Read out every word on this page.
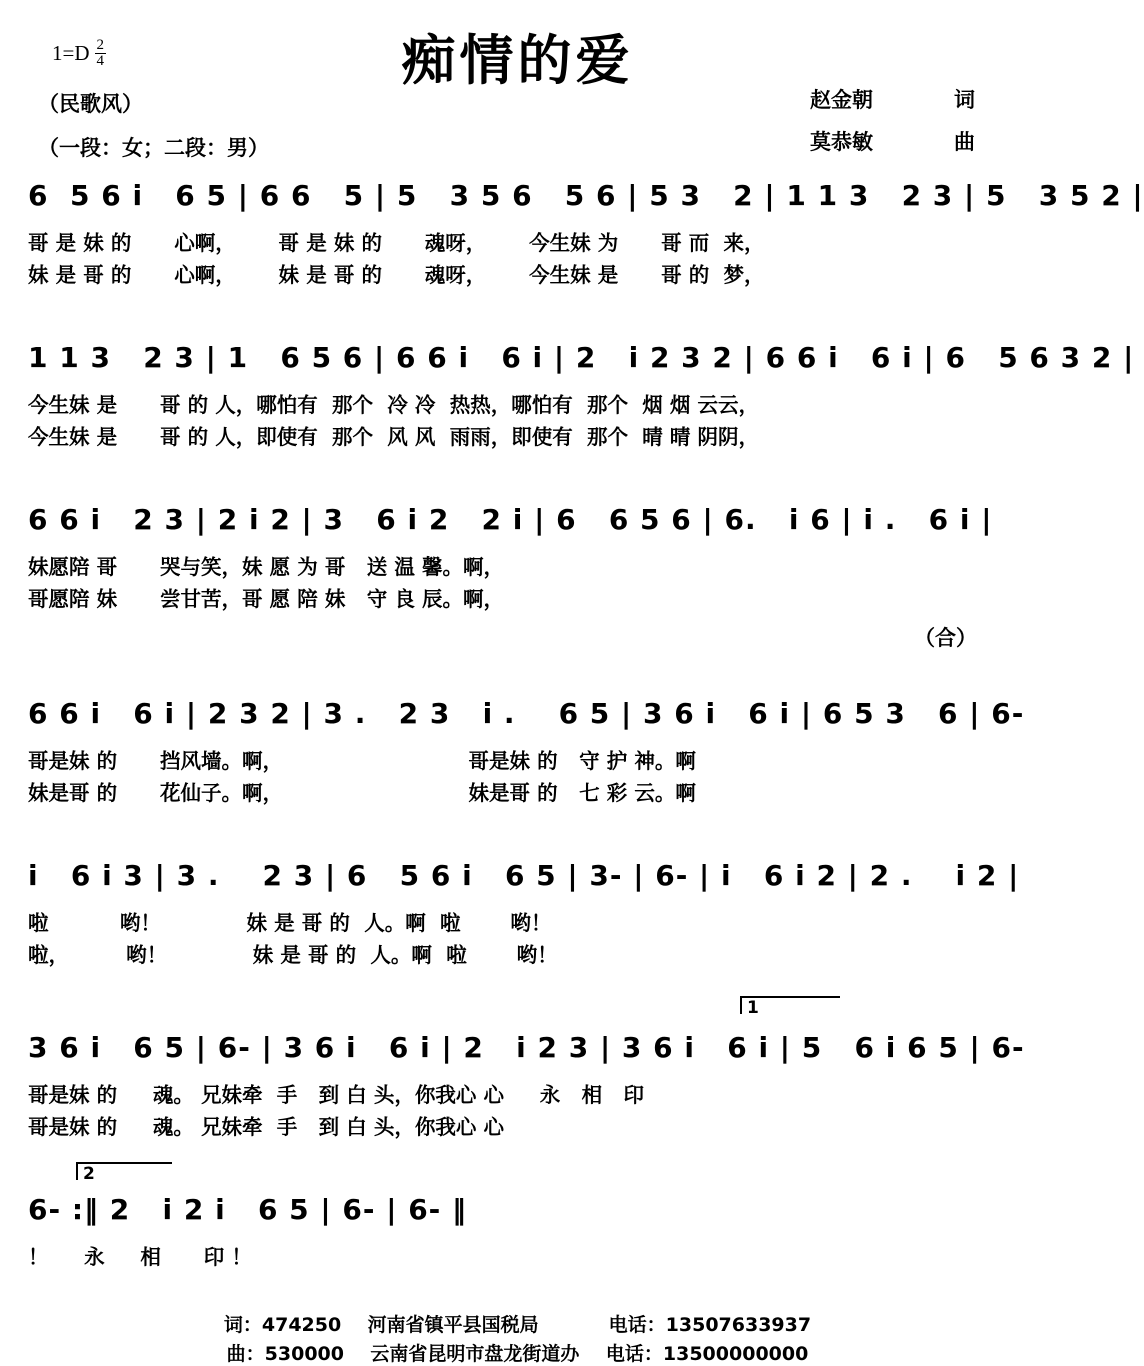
$1=D \frac{2}{4}$	痴情的爱
（民歌风）
（一段：女；二段：男）
赵金朝	词
莫恭敏	曲
6  5 6 i   6 5 | 6 6   5 | 5   3 5 6   5 6 | 5 3   2 | 1 1 3   2 3 | 5   3 5 2 |
哥 是 妹 的      心啊，      哥 是 妹 的      魂呀，      今生妹 为      哥 而  来，
妹 是 哥 的      心啊，      妹 是 哥 的      魂呀，      今生妹 是      哥 的  梦，
1 1 3   2 3 | 1   6 5 6 | 6 6 i   6 i | 2   i 2 3 2 | 6 6 i   6 i | 6   5 6 3 2 |
今生妹 是      哥 的 人，哪怕有  那个  冷 冷  热热，哪怕有  那个  烟 烟 云云，
今生妹 是      哥 的 人，即使有  那个  风 风  雨雨，即使有  那个  晴 晴 阴阴，
6 6 i   2 3 | 2 i 2 | 3   6 i 2   2 i | 6   6 5 6 | 6.   i 6 | i .   6 i |
妹愿陪 哥      哭与笑，妹 愿 为 哥   送 温 馨。啊，
哥愿陪 妹      尝甘苦，哥 愿 陪 妹   守 良 辰。啊，
（合）
6 6 i   6 i | 2 3 2 | 3 .   2 3   i .    6 5 | 3 6 i   6 i | 6 5 3   6 | 6-
哥是妹 的      挡风墙。啊，                          哥是妹 的   守 护 神。啊
妹是哥 的      花仙子。啊，                          妹是哥 的   七 彩 云。啊
i   6 i 3 | 3 .    2 3 | 6   5 6 i   6 5 | 3- | 6- | i   6 i 2 | 2 .    i 2 |
啦          哟！            妹 是 哥 的  人。啊  啦       哟！
啦，        哟！            妹 是 哥 的  人。啊  啦       哟！
1
3 6 i   6 5 | 6- | 3 6 i   6 i | 2   i 2 3 | 3 6 i   6 i | 5   6 i 6 5 | 6-
哥是妹 的     魂。 兄妹牵  手   到 白 头，你我心 心     永   相   印
哥是妹 的     魂。 兄妹牵  手   到 白 头，你我心 心
2
6- :‖ 2   i 2 i   6 5 | 6- | 6- ‖
！     永     相      印 ！
词：474250    河南省镇平县国税局	电话：13507633937
曲：530000    云南省昆明市盘龙街道办    电话：13500000000
